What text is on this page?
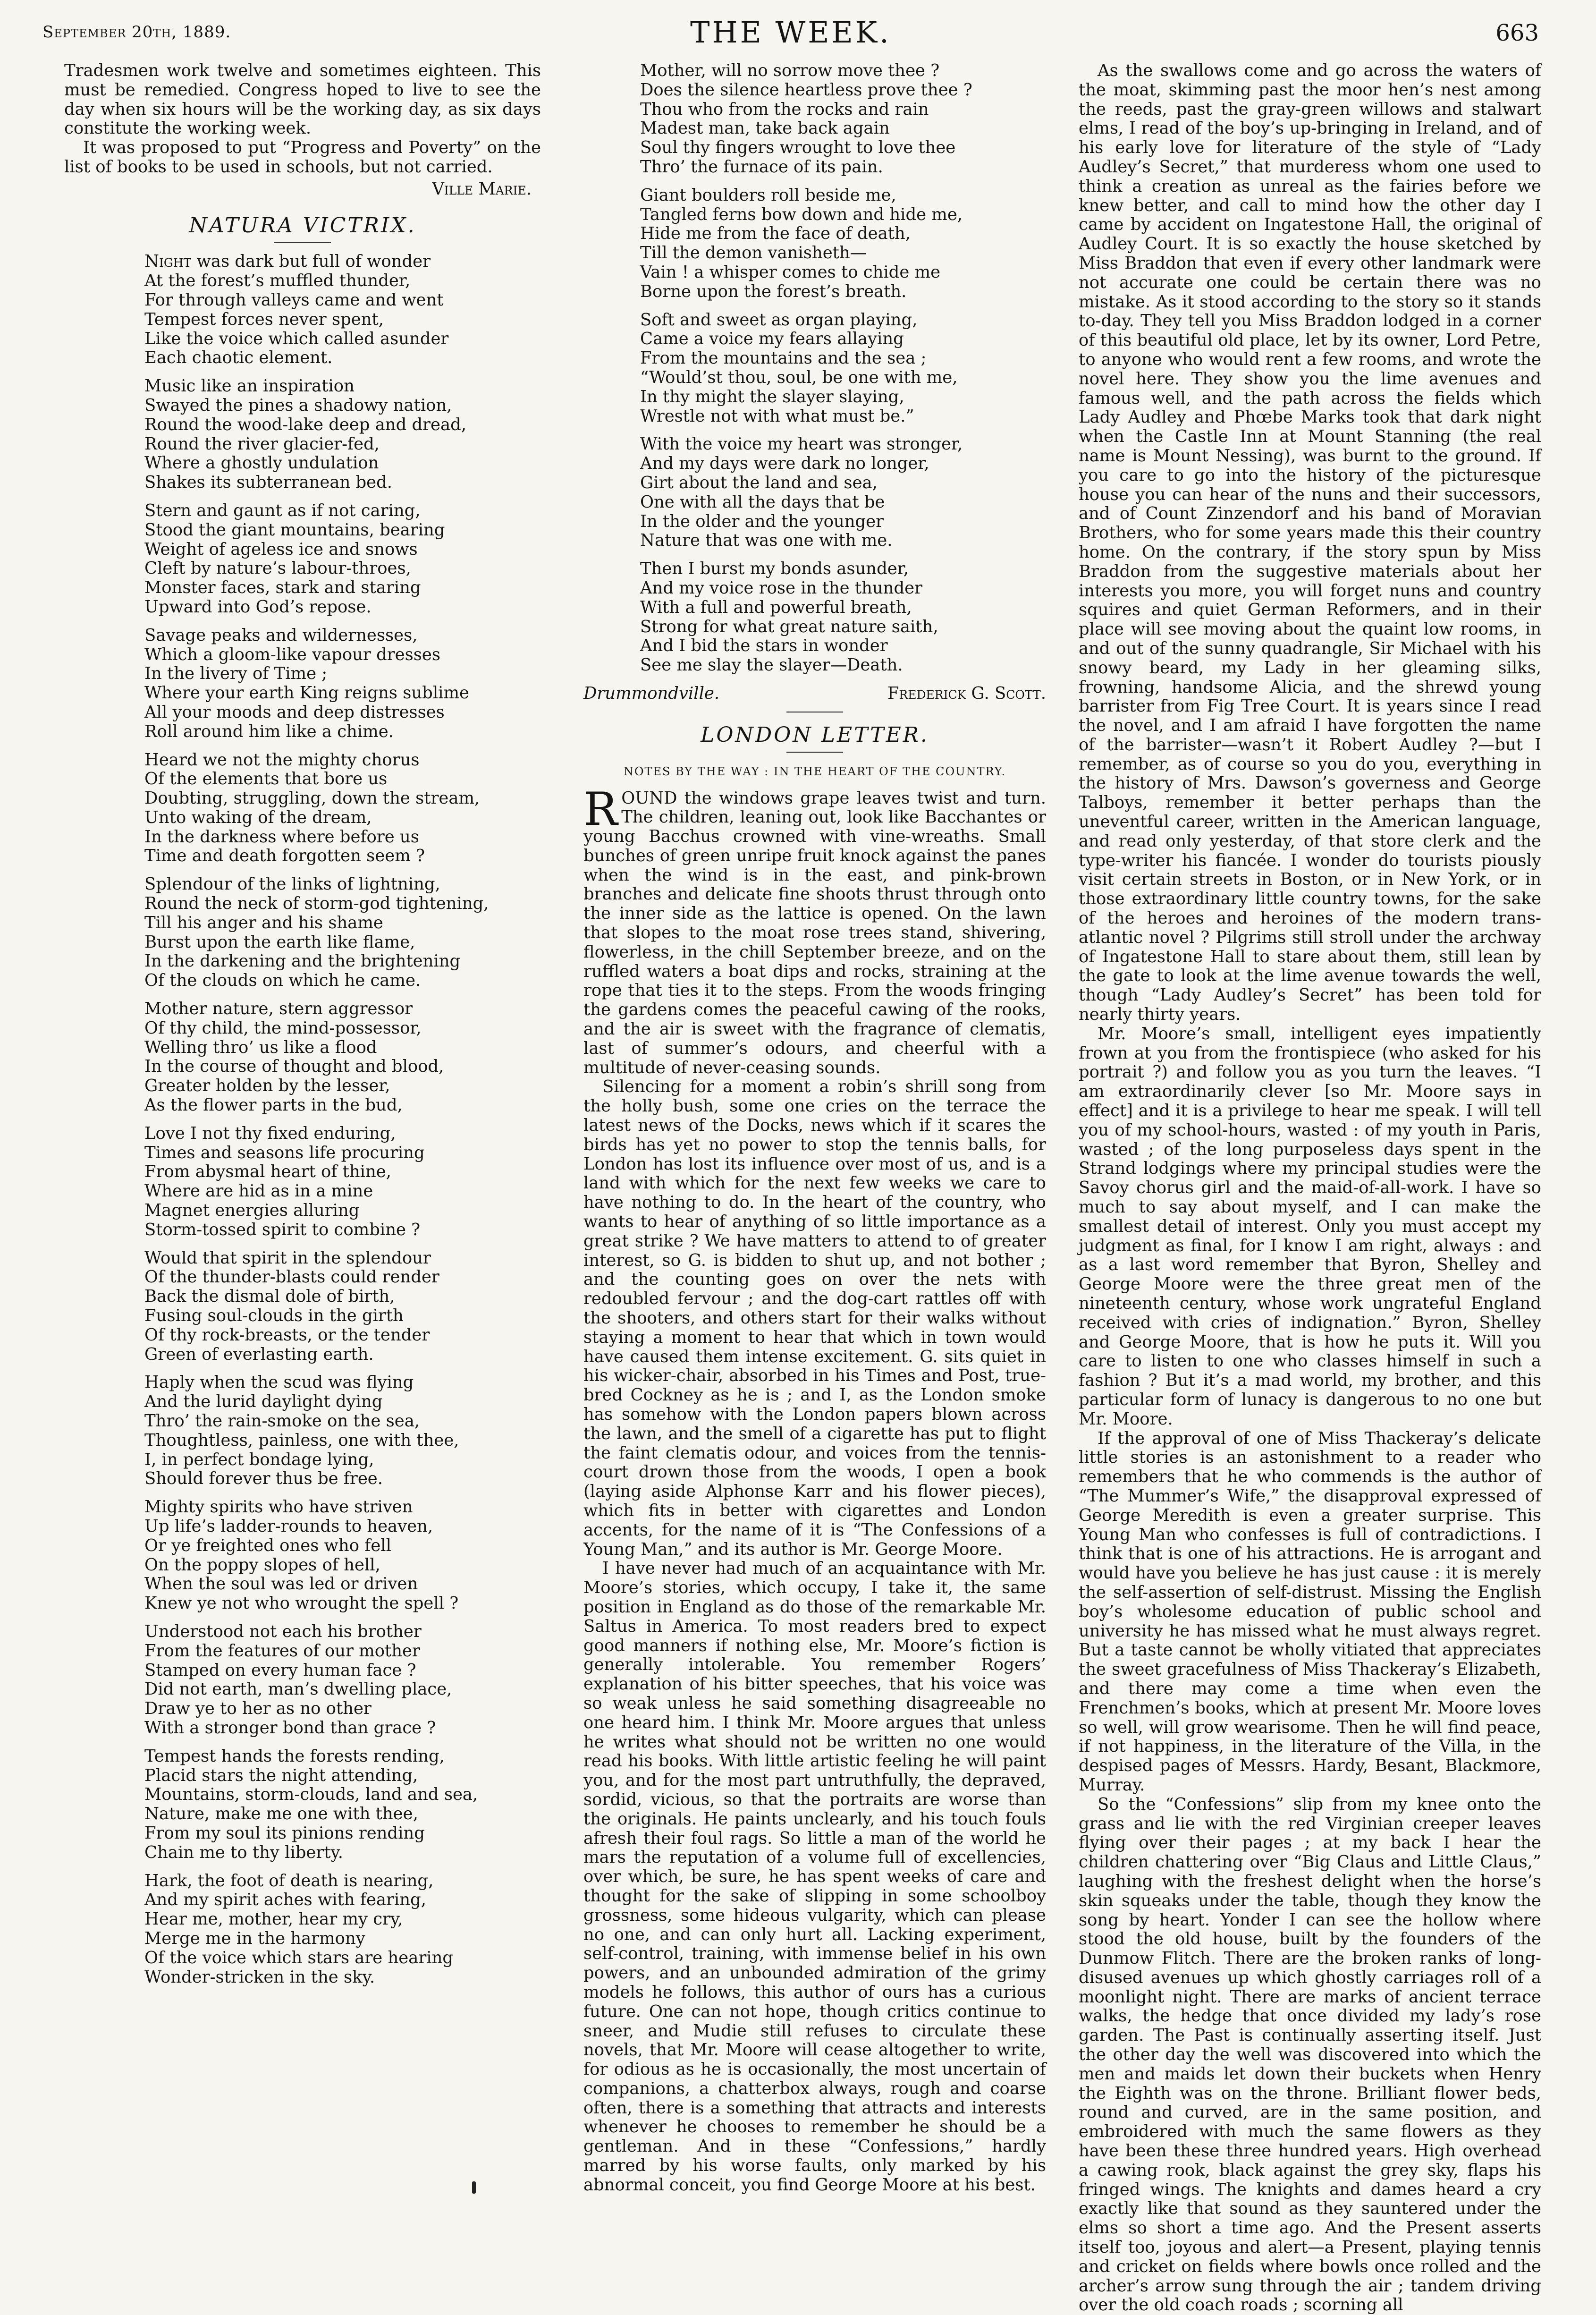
September 20th, 1889.	THE WEEK.	663

Tradesmen work twelve and sometimes eighteen. This must be remedied. Congress hoped to live to see the day when six hours will be the working day, as six days constitute the working week.

It was proposed to put “Progress and Poverty” on the list of books to be used in schools, but not carried.

Ville Marie.
NATURA VICTRIX.
Night was dark but full of wonder
At the forest’s muffled thunder,
For through valleys came and went
Tempest forces never spent,
Like the voice which called asunder
Each chaotic element.
Music like an inspiration
Swayed the pines a shadowy nation,
Round the wood-lake deep and dread,
Round the river glacier-fed,
Where a ghostly undulation
Shakes its subterranean bed.
Stern and gaunt as if not caring,
Stood the giant mountains, bearing
Weight of ageless ice and snows
Cleft by nature’s labour-throes,
Monster faces, stark and staring
Upward into God’s repose.
Savage peaks and wildernesses,
Which a gloom-like vapour dresses
In the livery of Time ;
Where your earth King reigns sublime
All your moods and deep distresses
Roll around him like a chime.
Heard we not the mighty chorus
Of the elements that bore us
Doubting, struggling, down the stream,
Unto waking of the dream,
In the darkness where before us
Time and death forgotten seem ?
Splendour of the links of lightning,
Round the neck of storm-god tightening,
Till his anger and his shame
Burst upon the earth like flame,
In the darkening and the brightening
Of the clouds on which he came.
Mother nature, stern aggressor
Of thy child, the mind-possessor,
Welling thro’ us like a flood
In the course of thought and blood,
Greater holden by the lesser,
As the flower parts in the bud,
Love I not thy fixed enduring,
Times and seasons life procuring
From abysmal heart of thine,
Where are hid as in a mine
Magnet energies alluring
Storm-tossed spirit to combine ?
Would that spirit in the splendour
Of the thunder-blasts could render
Back the dismal dole of birth,
Fusing soul-clouds in the girth
Of thy rock-breasts, or the tender
Green of everlasting earth.
Haply when the scud was flying
And the lurid daylight dying
Thro’ the rain-smoke on the sea,
Thoughtless, painless, one with thee,
I, in perfect bondage lying,
Should forever thus be free.
Mighty spirits who have striven
Up life’s ladder-rounds to heaven,
Or ye freighted ones who fell
On the poppy slopes of hell,
When the soul was led or driven
Knew ye not who wrought the spell ?
Understood not each his brother
From the features of our mother
Stamped on every human face ?
Did not earth, man’s dwelling place,
Draw ye to her as no other
With a stronger bond than grace ?
Tempest hands the forests rending,
Placid stars the night attending,
Mountains, storm-clouds, land and sea,
Nature, make me one with thee,
From my soul its pinions rending
Chain me to thy liberty.
Hark, the foot of death is nearing,
And my spirit aches with fearing,
Hear me, mother, hear my cry,
Merge me in the harmony
Of the voice which stars are hearing
Wonder-stricken in the sky.
Mother, will no sorrow move thee ?
Does the silence heartless prove thee ?
Thou who from the rocks and rain
Madest man, take back again
Soul thy fingers wrought to love thee
Thro’ the furnace of its pain.
Giant boulders roll beside me,
Tangled ferns bow down and hide me,
Hide me from the face of death,
Till the demon vanisheth—
Vain ! a whisper comes to chide me
Borne upon the forest’s breath.
Soft and sweet as organ playing,
Came a voice my fears allaying
From the mountains and the sea ;
“Would’st thou, soul, be one with me,
In thy might the slayer slaying,
Wrestle not with what must be.”
With the voice my heart was stronger,
And my days were dark no longer,
Girt about the land and sea,
One with all the days that be
In the older and the younger
Nature that was one with me.
Then I burst my bonds asunder,
And my voice rose in the thunder
With a full and powerful breath,
Strong for what great nature saith,
And I bid the stars in wonder
See me slay the slayer—Death.
Drummondville.	Frederick G. Scott.
LONDON LETTER.
NOTES BY THE WAY : IN THE HEART OF THE COUNTRY.

ROUND the windows grape leaves twist and turn. The children, leaning out, look like Bacchantes or young Bacchus crowned with vine-wreaths. Small bunches of green unripe fruit knock against the panes when the wind is in the east, and pink-brown branches and delicate fine shoots thrust through onto the inner side as the lattice is opened. On the lawn that slopes to the moat rose trees stand, shivering, flowerless, in the chill September breeze, and on the ruffled waters a boat dips and rocks, straining at the rope that ties it to the steps. From the woods fringing the gardens comes the peaceful cawing of the rooks, and the air is sweet with the fragrance of clematis, last of summer’s odours, and cheerful with a multitude of never-ceasing sounds.

Silencing for a moment a robin’s shrill song from the holly bush, some one cries on the terrace the latest news of the Docks, news which if it scares the birds has yet no power to stop the tennis balls, for London has lost its influence over most of us, and is a land with which for the next few weeks we care to have nothing to do. In the heart of the country, who wants to hear of anything of so little importance as a great strike ? We have matters to attend to of greater interest, so G. is bidden to shut up, and not bother ; and the counting goes on over the nets with redoubled fervour ; and the dog-cart rattles off with the shooters, and others start for their walks without staying a moment to hear that which in town would have caused them intense excitement. G. sits quiet in his wicker-chair, absorbed in his Times and Post, true-bred Cockney as he is ; and I, as the London smoke has somehow with the London papers blown across the lawn, and the smell of a cigarette has put to flight the faint clematis odour, and voices from the tennis-court drown those from the woods, I open a book (laying aside Alphonse Karr and his flower pieces), which fits in better with cigarettes and London accents, for the name of it is “The Confessions of a Young Man,” and its author is Mr. George Moore.

I have never had much of an acquaintance with Mr. Moore’s stories, which occupy, I take it, the same position in England as do those of the remarkable Mr. Saltus in America. To most readers bred to expect good manners if nothing else, Mr. Moore’s fiction is generally intolerable. You remember Rogers’ explanation of his bitter speeches, that his voice was so weak unless he said something disagreeable no one heard him. I think Mr. Moore argues that unless he writes what should not be written no one would read his books. With little artistic feeling he will paint you, and for the most part untruthfully, the depraved, sordid, vicious, so that the portraits are worse than the originals. He paints unclearly, and his touch fouls afresh their foul rags. So little a man of the world he mars the reputation of a volume full of excellencies, over which, be sure, he has spent weeks of care and thought for the sake of slipping in some schoolboy grossness, some hideous vulgarity, which can please no one, and can only hurt all. Lacking experiment, self-control, training, with immense belief in his own powers, and an unbounded admiration of the grimy models he follows, this author of ours has a curious future. One can not hope, though critics continue to sneer, and Mudie still refuses to circulate these novels, that Mr. Moore will cease altogether to write, for odious as he is occasionally, the most uncertain of companions, a chatterbox always, rough and coarse often, there is a something that attracts and interests whenever he chooses to remember he should be a gentleman. And in these “Confessions,” hardly marred by his worse faults, only marked by his abnormal conceit, you find George Moore at his best.

As the swallows come and go across the waters of the moat, skimming past the moor hen’s nest among the reeds, past the gray-green willows and stalwart elms, I read of the boy’s up-bringing in Ireland, and of his early love for literature of the style of “Lady Audley’s Secret,” that murderess whom one used to think a creation as unreal as the fairies before we knew better, and call to mind how the other day I came by accident on Ingatestone Hall, the original of Audley Court. It is so exactly the house sketched by Miss Braddon that even if every other landmark were not accurate one could be certain there was no mistake. As it stood according to the story so it stands to-day. They tell you Miss Braddon lodged in a corner of this beautiful old place, let by its owner, Lord Petre, to anyone who would rent a few rooms, and wrote the novel here. They show you the lime avenues and famous well, and the path across the fields which Lady Audley and Phœbe Marks took that dark night when the Castle Inn at Mount Stanning (the real name is Mount Nessing), was burnt to the ground. If you care to go into the history of the picturesque house you can hear of the nuns and their successors, and of Count Zinzendorf and his band of Moravian Brothers, who for some years made this their country home. On the contrary, if the story spun by Miss Braddon from the suggestive materials about her interests you more, you will forget nuns and country squires and quiet German Reformers, and in their place will see moving about the quaint low rooms, in and out of the sunny quadrangle, Sir Michael with his snowy beard, my Lady in her gleaming silks, frowning, handsome Alicia, and the shrewd young barrister from Fig Tree Court. It is years since I read the novel, and I am afraid I have forgotten the name of the barrister—wasn’t it Robert Audley ?—but I remember, as of course so you do you, everything in the history of Mrs. Dawson’s governess and George Talboys, remember it better perhaps than the uneventful career, written in the American language, and read only yesterday, of that store clerk and the type-writer his fiancée. I wonder do tourists piously visit certain streets in Boston, or in New York, or in those extraordinary little country towns, for the sake of the heroes and heroines of the modern trans-atlantic novel ? Pilgrims still stroll under the archway of Ingatestone Hall to stare about them, still lean by the gate to look at the lime avenue towards the well, though “Lady Audley’s Secret” has been told for nearly thirty years.

Mr. Moore’s small, intelligent eyes impatiently frown at you from the frontispiece (who asked for his portrait ?) and follow you as you turn the leaves. “I am extraordinarily clever [so Mr. Moore says in effect] and it is a privilege to hear me speak. I will tell you of my school-hours, wasted : of my youth in Paris, wasted ; of the long purposeless days spent in the Strand lodgings where my principal studies were the Savoy chorus girl and the maid-of-all-work. I have so much to say about myself, and I can make the smallest detail of interest. Only you must accept my judgment as final, for I know I am right, always : and as a last word remember that Byron, Shelley and George Moore were the three great men of the nineteenth century, whose work ungrateful England received with cries of indignation.” Byron, Shelley and George Moore, that is how he puts it. Will you care to listen to one who classes himself in such a fashion ? But it’s a mad world, my brother, and this particular form of lunacy is dangerous to no one but Mr. Moore.

If the approval of one of Miss Thackeray’s delicate little stories is an astonishment to a reader who remembers that he who commends is the author of “The Mummer’s Wife,” the disapproval expressed of George Meredith is even a greater surprise. This Young Man who confesses is full of contradictions. I think that is one of his attractions. He is arrogant and would have you believe he has just cause : it is merely the self-assertion of self-distrust. Missing the English boy’s wholesome education of public school and university he has missed what he must always regret. But a taste cannot be wholly vitiated that appreciates the sweet gracefulness of Miss Thackeray’s Elizabeth, and there may come a time when even the Frenchmen’s books, which at present Mr. Moore loves so well, will grow wearisome. Then he will find peace, if not happiness, in the literature of the Villa, in the despised pages of Messrs. Hardy, Besant, Blackmore, Murray.

So the “Confessions” slip from my knee onto the grass and lie with the red Virginian creeper leaves flying over their pages ; at my back I hear the children chattering over “Big Claus and Little Claus,” laughing with the freshest delight when the horse’s skin squeaks under the table, though they know the song by heart. Yonder I can see the hollow where stood the old house, built by the founders of the Dunmow Flitch. There are the broken ranks of long-disused avenues up which ghostly carriages roll of a moonlight night. There are marks of ancient terrace walks, the hedge that once divided my lady’s rose garden. The Past is continually asserting itself. Just the other day the well was discovered into which the men and maids let down their buckets when Henry the Eighth was on the throne. Brilliant flower beds, round and curved, are in the same position, and embroidered with much the same flowers as they have been these three hundred years. High overhead a cawing rook, black against the grey sky, flaps his fringed wings. The knights and dames heard a cry exactly like that sound as they sauntered under the elms so short a time ago. And the Present asserts itself too, joyous and alert—a Present, playing tennis and cricket on fields where bowls once rolled and the archer’s arrow sung through the air ; tandem driving over the old coach roads ; scorning all
